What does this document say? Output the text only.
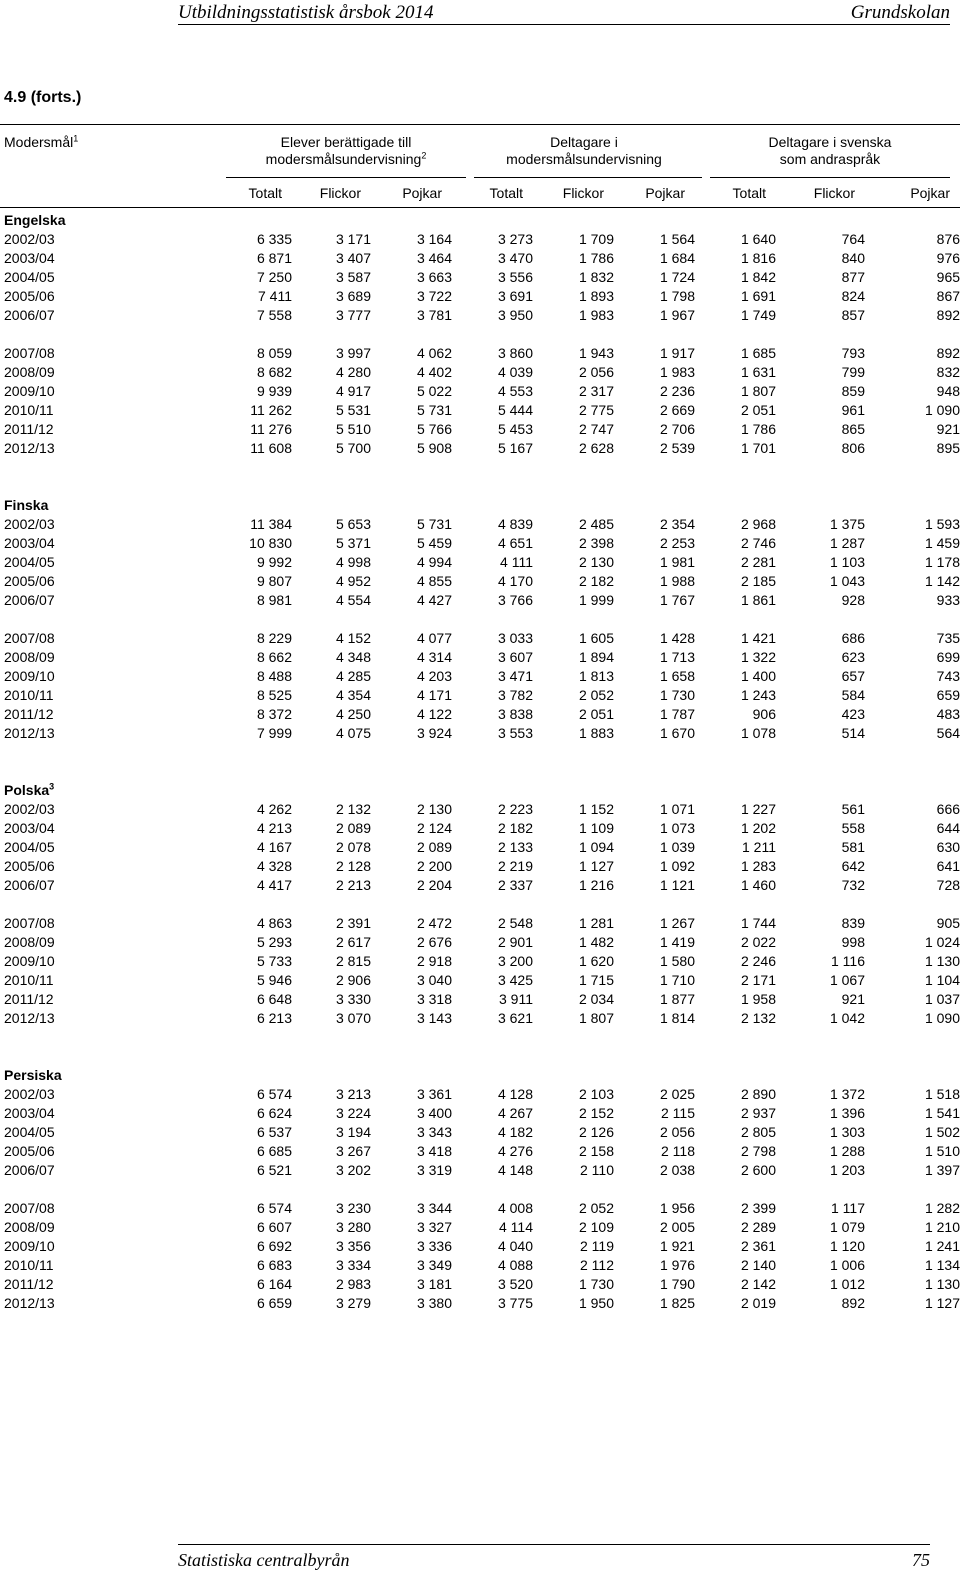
Utbildningsstatistisk årsbok 2014	Grundskolan
4.9 (forts.)
Modersmål$^1$	Elever berättigade till
modersmålsundervisning$^2$
Deltagare i
modersmålsundervisning
Deltagare i svenska
som andraspråk
Totalt	Flickor	Pojkar	Totalt	Flickor	Pojkar	Totalt	Flickor	Pojkar
Engelska										
2002/03	6 335	3 171	3 164	3 273	1 709	1 564	1 640	764	876	
2003/04	6 871	3 407	3 464	3 470	1 786	1 684	1 816	840	976	
2004/05	7 250	3 587	3 663	3 556	1 832	1 724	1 842	877	965	
2005/06	7 411	3 689	3 722	3 691	1 893	1 798	1 691	824	867	
2006/07	7 558	3 777	3 781	3 950	1 983	1 967	1 749	857	892	

2007/08	8 059	3 997	4 062	3 860	1 943	1 917	1 685	793	892	
2008/09	8 682	4 280	4 402	4 039	2 056	1 983	1 631	799	832	
2009/10	9 939	4 917	5 022	4 553	2 317	2 236	1 807	859	948	
2010/11	11 262	5 531	5 731	5 444	2 775	2 669	2 051	961	1 090	
2011/12	11 276	5 510	5 766	5 453	2 747	2 706	1 786	865	921	
2012/13	11 608	5 700	5 908	5 167	2 628	2 539	1 701	806	895	

Finska										
2002/03	11 384	5 653	5 731	4 839	2 485	2 354	2 968	1 375	1 593	
2003/04	10 830	5 371	5 459	4 651	2 398	2 253	2 746	1 287	1 459	
2004/05	9 992	4 998	4 994	4 111	2 130	1 981	2 281	1 103	1 178	
2005/06	9 807	4 952	4 855	4 170	2 182	1 988	2 185	1 043	1 142	
2006/07	8 981	4 554	4 427	3 766	1 999	1 767	1 861	928	933	

2007/08	8 229	4 152	4 077	3 033	1 605	1 428	1 421	686	735	
2008/09	8 662	4 348	4 314	3 607	1 894	1 713	1 322	623	699	
2009/10	8 488	4 285	4 203	3 471	1 813	1 658	1 400	657	743	
2010/11	8 525	4 354	4 171	3 782	2 052	1 730	1 243	584	659	
2011/12	8 372	4 250	4 122	3 838	2 051	1 787	906	423	483	
2012/13	7 999	4 075	3 924	3 553	1 883	1 670	1 078	514	564	

Polska$^3$
2002/03	4 262	2 132	2 130	2 223	1 152	1 071	1 227	561	666	
2003/04	4 213	2 089	2 124	2 182	1 109	1 073	1 202	558	644	
2004/05	4 167	2 078	2 089	2 133	1 094	1 039	1 211	581	630	
2005/06	4 328	2 128	2 200	2 219	1 127	1 092	1 283	642	641	
2006/07	4 417	2 213	2 204	2 337	1 216	1 121	1 460	732	728	

2007/08	4 863	2 391	2 472	2 548	1 281	1 267	1 744	839	905	
2008/09	5 293	2 617	2 676	2 901	1 482	1 419	2 022	998	1 024	
2009/10	5 733	2 815	2 918	3 200	1 620	1 580	2 246	1 116	1 130	
2010/11	5 946	2 906	3 040	3 425	1 715	1 710	2 171	1 067	1 104	
2011/12	6 648	3 330	3 318	3 911	2 034	1 877	1 958	921	1 037	
2012/13	6 213	3 070	3 143	3 621	1 807	1 814	2 132	1 042	1 090	

Persiska										
2002/03	6 574	3 213	3 361	4 128	2 103	2 025	2 890	1 372	1 518	
2003/04	6 624	3 224	3 400	4 267	2 152	2 115	2 937	1 396	1 541	
2004/05	6 537	3 194	3 343	4 182	2 126	2 056	2 805	1 303	1 502	
2005/06	6 685	3 267	3 418	4 276	2 158	2 118	2 798	1 288	1 510	
2006/07	6 521	3 202	3 319	4 148	2 110	2 038	2 600	1 203	1 397	

2007/08	6 574	3 230	3 344	4 008	2 052	1 956	2 399	1 117	1 282	
2008/09	6 607	3 280	3 327	4 114	2 109	2 005	2 289	1 079	1 210	
2009/10	6 692	3 356	3 336	4 040	2 119	1 921	2 361	1 120	1 241	
2010/11	6 683	3 334	3 349	4 088	2 112	1 976	2 140	1 006	1 134	
2011/12	6 164	2 983	3 181	3 520	1 730	1 790	2 142	1 012	1 130	
2012/13	6 659	3 279	3 380	3 775	1 950	1 825	2 019	892	1 127	
Statistiska centralbyrån	75
